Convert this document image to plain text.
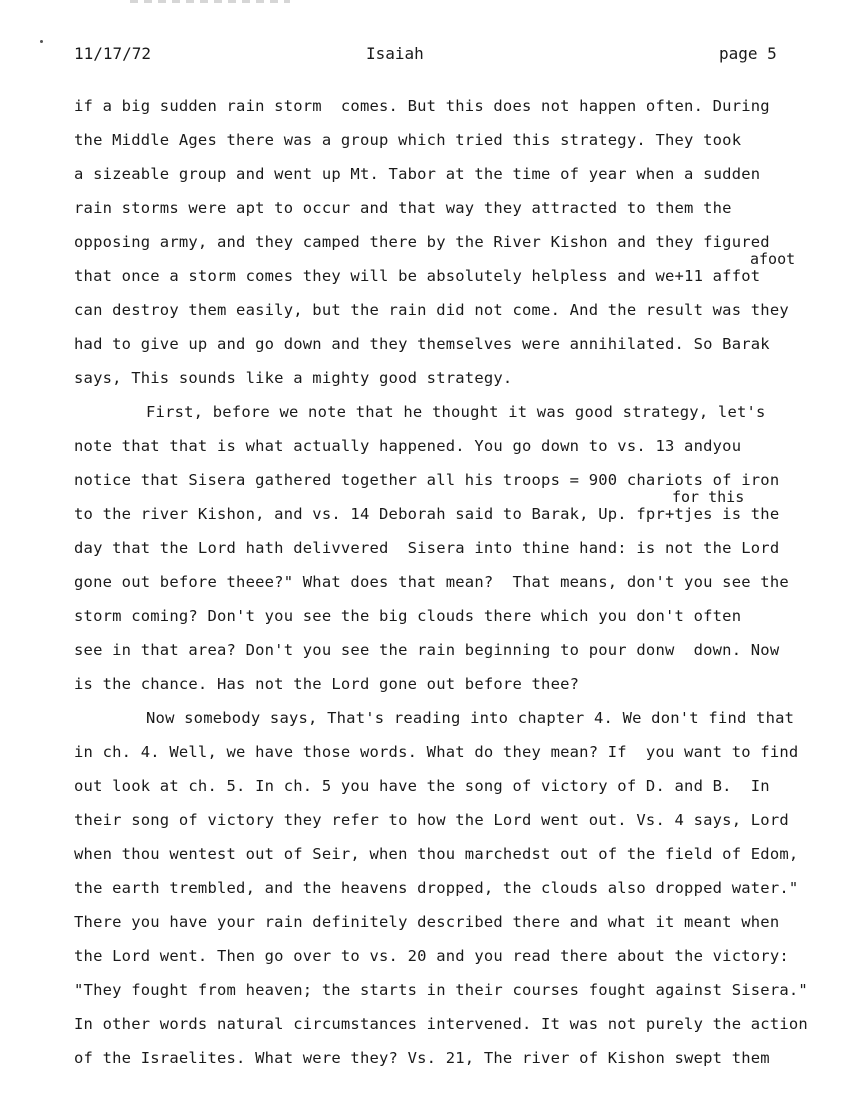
11/17/72	Isaiah	page 5
if a big sudden rain storm  comes. But this does not happen often. During
the Middle Ages there was a group which tried this strategy. They took
a sizeable group and went up Mt. Tabor at the time of year when a sudden
rain storms were apt to occur and that way they attracted to them the
opposing army, and they camped there by the River Kishon and they figured
afoot
that once a storm comes they will be absolutely helpless and we+11 affot
can destroy them easily, but the rain did not come. And the result was they
had to give up and go down and they themselves were annihilated. So Barak
says, This sounds like a mighty good strategy.
First, before we note that he thought it was good strategy, let's
note that that is what actually happened. You go down to vs. 13 andyou
notice that Sisera gathered together all his troops = 900 chariots of iron
for this
to the river Kishon, and vs. 14 Deborah said to Barak, Up. fpr+tjes is the
day that the Lord hath delivvered  Sisera into thine hand: is not the Lord
gone out before theee?" What does that mean?  That means, don't you see the
storm coming? Don't you see the big clouds there which you don't often
see in that area? Don't you see the rain beginning to pour donw  down. Now
is the chance. Has not the Lord gone out before thee?
Now somebody says, That's reading into chapter 4. We don't find that
in ch. 4. Well, we have those words. What do they mean? If  you want to find
out look at ch. 5. In ch. 5 you have the song of victory of D. and B.  In
their song of victory they refer to how the Lord went out. Vs. 4 says, Lord
when thou wentest out of Seir, when thou marchedst out of the field of Edom,
the earth trembled, and the heavens dropped, the clouds also dropped water."
There you have your rain definitely described there and what it meant when
the Lord went. Then go over to vs. 20 and you read there about the victory:
"They fought from heaven; the starts in their courses fought against Sisera."
In other words natural circumstances intervened. It was not purely the action
of the Israelites. What were they? Vs. 21, The river of Kishon swept them
